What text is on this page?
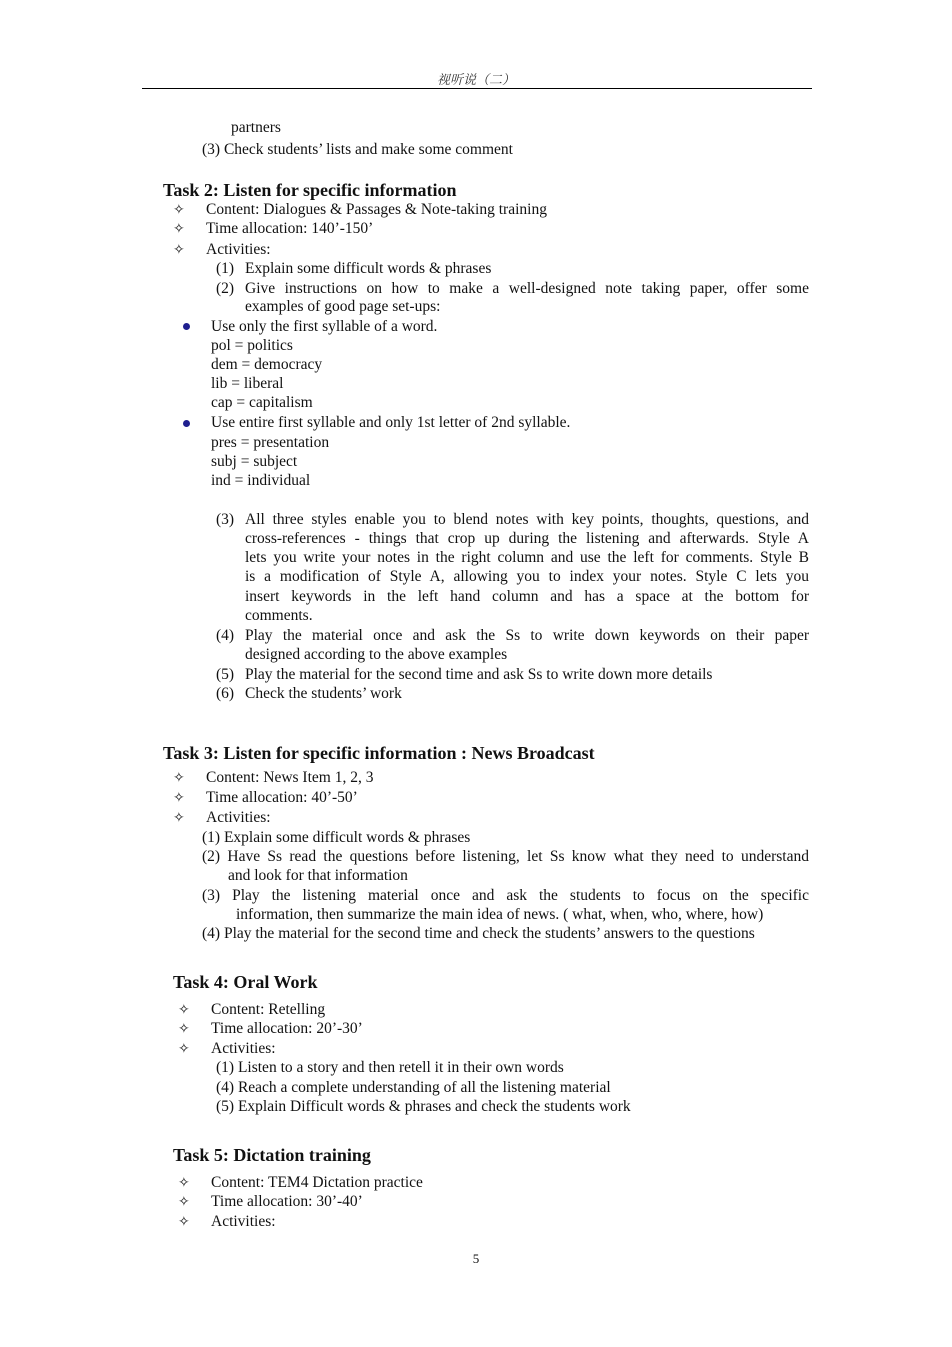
视听说（二）
partners
(3) Check students’ lists and make some comment
Task 2: Listen for specific information
✧ Content: Dialogues & Passages & Note-taking training
✧ Time allocation: 140’-150’
✧ Activities:
(1) Explain some difficult words & phrases
(2) Give instructions on how to make a well-designed note taking paper, offer some
examples of good page set-ups:
Use only the first syllable of a word.
pol = politics
dem = democracy
lib = liberal
cap = capitalism
Use entire first syllable and only 1st letter of 2nd syllable.
pres = presentation
subj = subject
ind = individual
(3) All three styles enable you to blend notes with key points, thoughts, questions, and
cross-references - things that crop up during the listening and afterwards. Style A
lets you write your notes in the right column and use the left for comments. Style B
is a modification of Style A, allowing you to index your notes. Style C lets you
insert keywords in the left hand column and has a space at the bottom for
comments.
(4) Play the material once and ask the Ss to write down keywords on their paper
designed according to the above examples
(5) Play the material for the second time and ask Ss to write down more details
(6) Check the students’ work
Task 3: Listen for specific information : News Broadcast
✧ Content: News Item 1, 2, 3
✧ Time allocation: 40’-50’
✧ Activities:
(1) Explain some difficult words & phrases
(2) Have Ss read the questions before listening, let Ss know what they need to understand
and look for that information
(3) Play the listening material once and ask the students to focus on the specific
information, then summarize the main idea of news. ( what, when, who, where, how)
(4) Play the material for the second time and check the students’ answers to the questions
Task 4: Oral Work
✧ Content: Retelling
✧ Time allocation: 20’-30’
✧ Activities:
(1) Listen to a story and then retell it in their own words
(4) Reach a complete understanding of all the listening material
(5) Explain Difficult words & phrases and check the students work
Task 5: Dictation training
✧ Content: TEM4 Dictation practice
✧ Time allocation: 30’-40’
✧ Activities:
5
